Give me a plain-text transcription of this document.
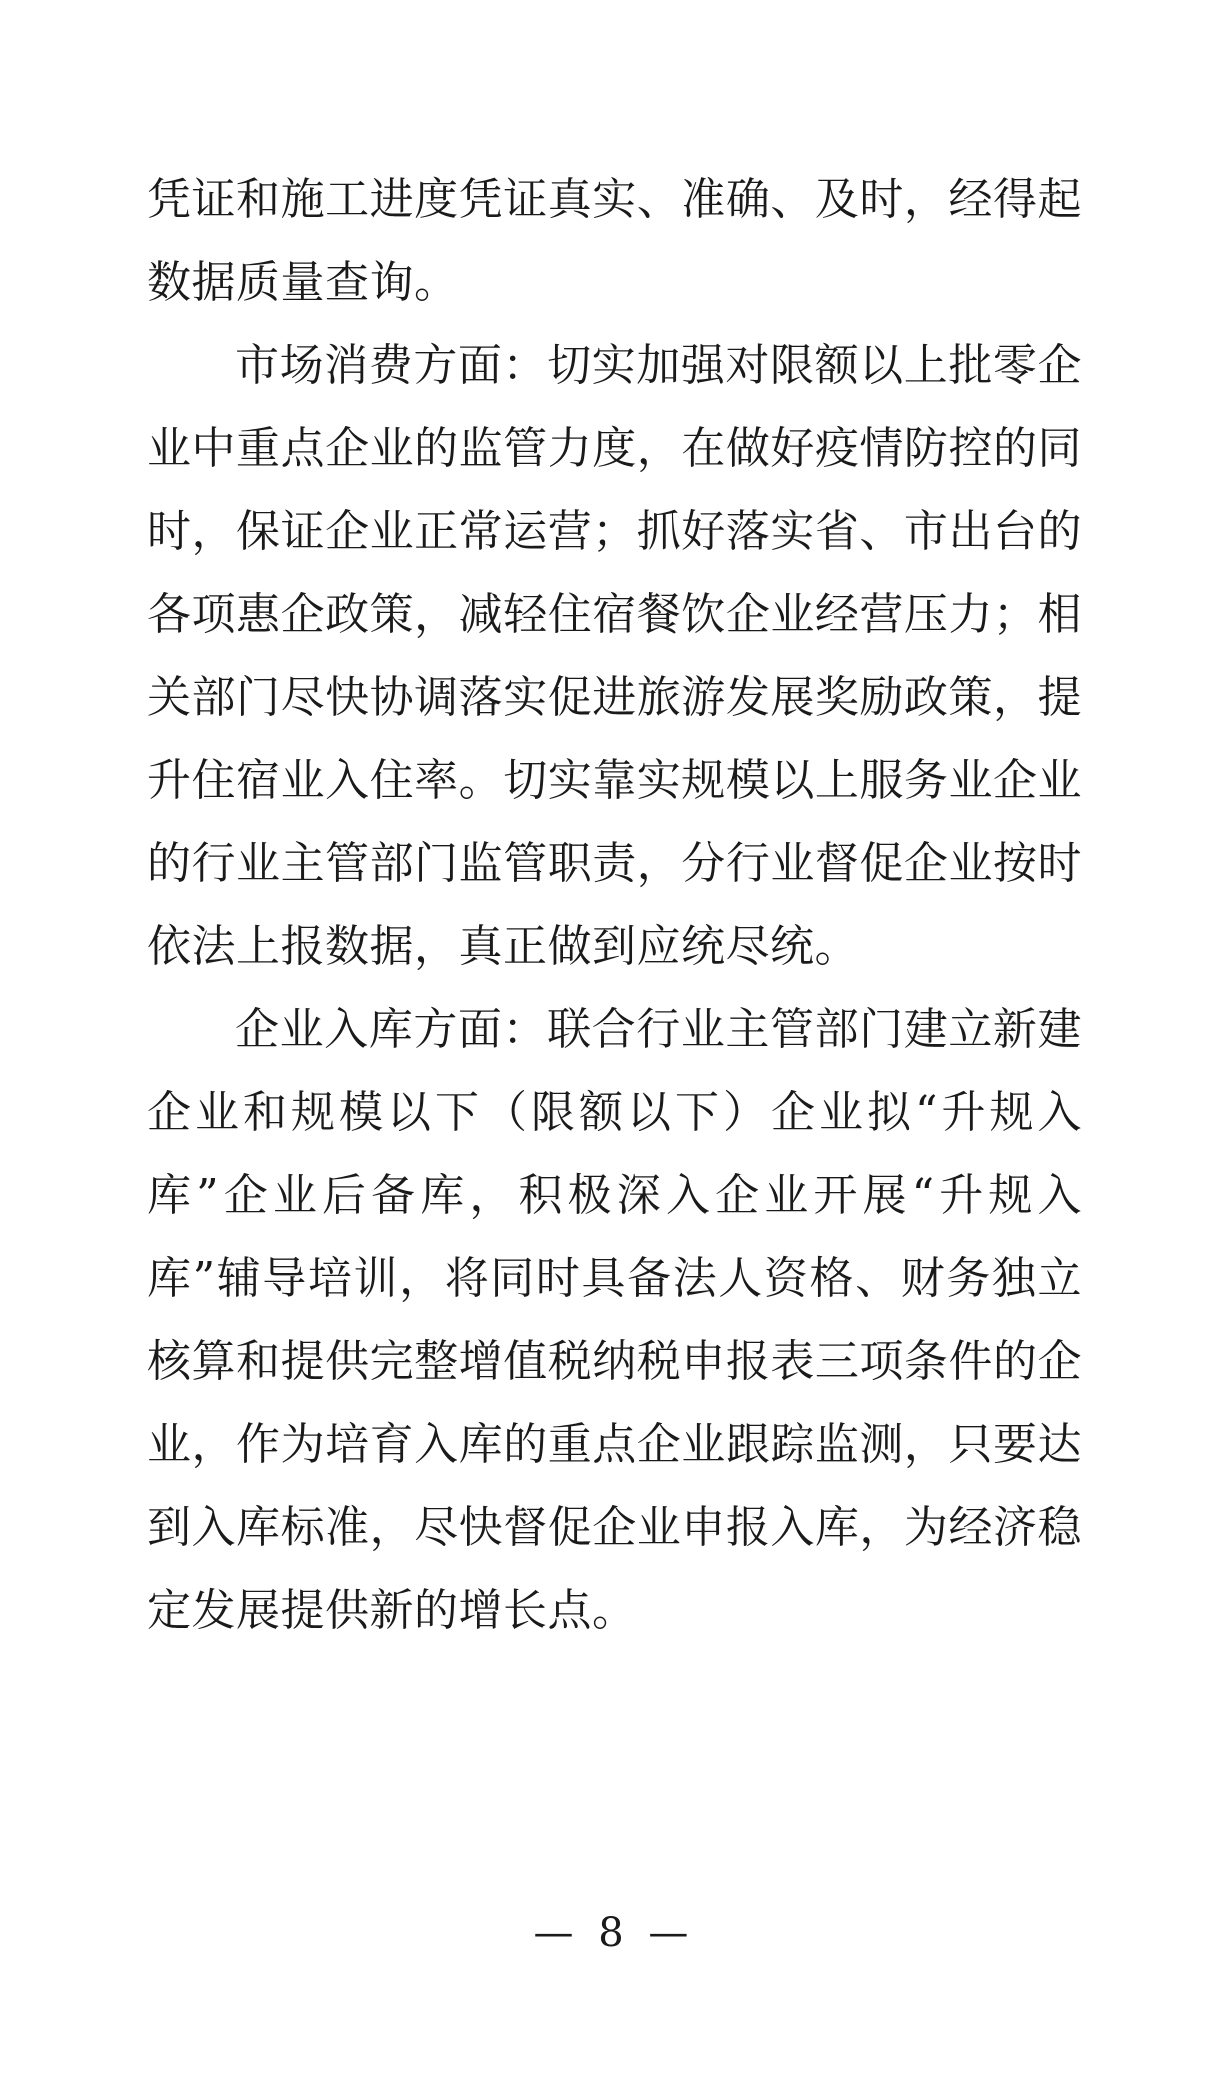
凭证和施工进度凭证真实、准确、及时，经得起数据质量查询。

市场消费方面：切实加强对限额以上批零企业中重点企业的监管力度，在做好疫情防控的同时，保证企业正常运营；抓好落实省、市出台的各项惠企政策，减轻住宿餐饮企业经营压力；相关部门尽快协调落实促进旅游发展奖励政策，提升住宿业入住率。切实靠实规模以上服务业企业的行业主管部门监管职责，分行业督促企业按时依法上报数据，真正做到应统尽统。

企业入库方面：联合行业主管部门建立新建企业和规模以下（限额以下）企业拟“升规入库”企业后备库，积极深入企业开展“升规入库”辅导培训，将同时具备法人资格、财务独立核算和提供完整增值税纳税申报表三项条件的企业，作为培育入库的重点企业跟踪监测，只要达到入库标准，尽快督促企业申报入库，为经济稳定发展提供新的增长点。

— 8 —
